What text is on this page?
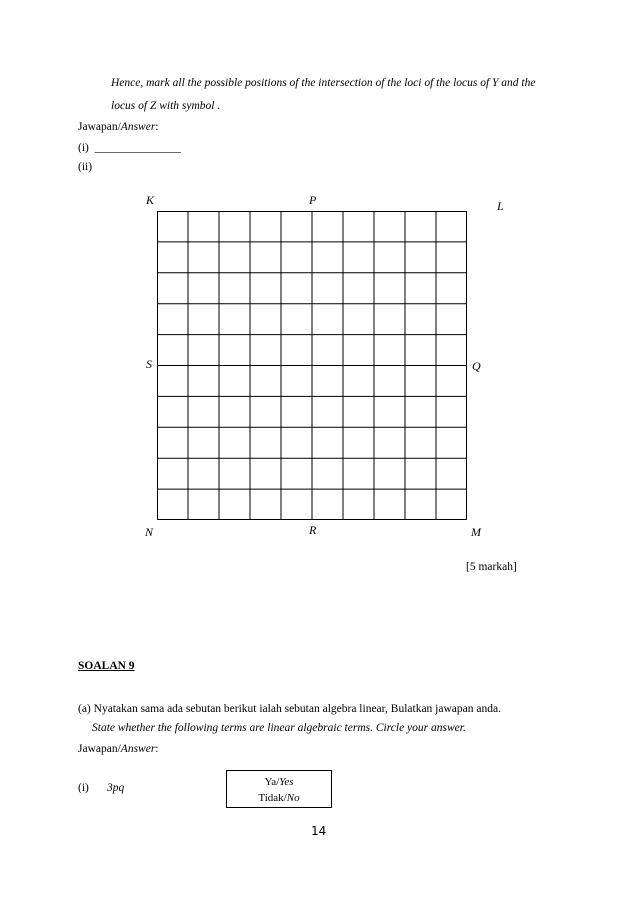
Hence, mark all the possible positions of the intersection of the loci of the locus of Y and the
locus of Z with symbol .
Jawapan/Answer:
(i) _______________
(ii)
K	P	L
S	Q
N	R	M
[5 markah]
SOALAN 9
(a) Nyatakan sama ada sebutan berikut ialah sebutan algebra linear, Bulatkan jawapan anda.
State whether the following terms are linear algebraic terms. Circle your answer.
Jawapan/Answer:
(i) 3pq	Ya/Yes
Tidak/No
14
